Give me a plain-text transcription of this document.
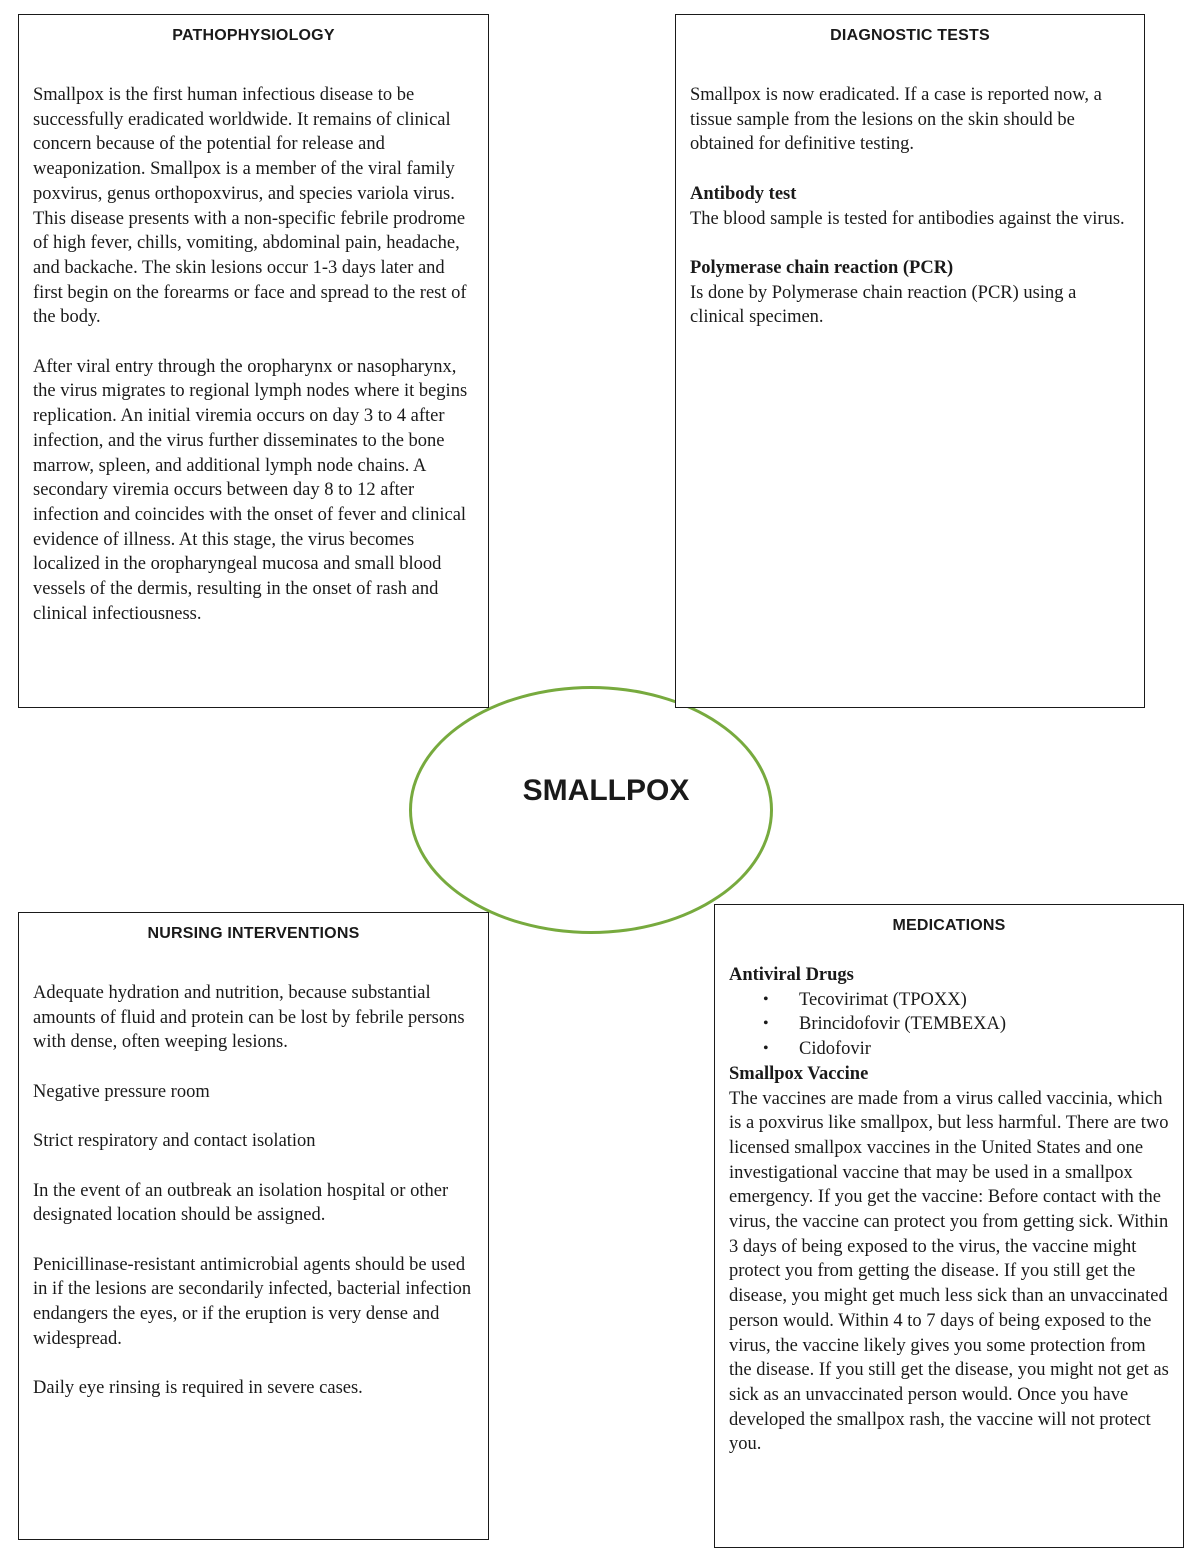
SMALLPOX
PATHOPHYSIOLOGY

Smallpox is the first human infectious disease to be successfully eradicated worldwide. It remains of clinical concern because of the potential for release and weaponization. Smallpox is a member of the viral family poxvirus, genus orthopoxvirus, and species variola virus. This disease presents with a non-specific febrile prodrome of high fever, chills, vomiting, abdominal pain, headache, and backache. The skin lesions occur 1-3 days later and first begin on the forearms or face and spread to the rest of the body.

After viral entry through the oropharynx or nasopharynx, the virus migrates to regional lymph nodes where it begins replication. An initial viremia occurs on day 3 to 4 after infection, and the virus further disseminates to the bone marrow, spleen, and additional lymph node chains. A secondary viremia occurs between day 8 to 12 after infection and coincides with the onset of fever and clinical evidence of illness. At this stage, the virus becomes localized in the oropharyngeal mucosa and small blood vessels of the dermis, resulting in the onset of rash and clinical infectiousness.

DIAGNOSTIC TESTS

Smallpox is now eradicated. If a case is reported now, a tissue sample from the lesions on the skin should be obtained for definitive testing.

Antibody test
The blood sample is tested for antibodies against the virus.

Polymerase chain reaction (PCR)
Is done by Polymerase chain reaction (PCR) using a clinical specimen.

NURSING INTERVENTIONS

Adequate hydration and nutrition, because substantial amounts of fluid and protein can be lost by febrile persons with dense, often weeping lesions.

Negative pressure room

Strict respiratory and contact isolation

In the event of an outbreak an isolation hospital or other designated location should be assigned.

Penicillinase-resistant antimicrobial agents should be used in if the lesions are secondarily infected, bacterial infection endangers the eyes, or if the eruption is very dense and widespread.

Daily eye rinsing is required in severe cases.

MEDICATIONS
Antiviral Drugs
• Tecovirimat (TPOXX)
• Brincidofovir (TEMBEXA)
• Cidofovir
Smallpox Vaccine
The vaccines are made from a virus called vaccinia, which is a poxvirus like smallpox, but less harmful. There are two licensed smallpox vaccines in the United States and one investigational vaccine that may be used in a smallpox emergency. If you get the vaccine: Before contact with the virus, the vaccine can protect you from getting sick. Within 3 days of being exposed to the virus, the vaccine might protect you from getting the disease. If you still get the disease, you might get much less sick than an unvaccinated person would. Within 4 to 7 days of being exposed to the virus, the vaccine likely gives you some protection from the disease. If you still get the disease, you might not get as sick as an unvaccinated person would. Once you have developed the smallpox rash, the vaccine will not protect you.
